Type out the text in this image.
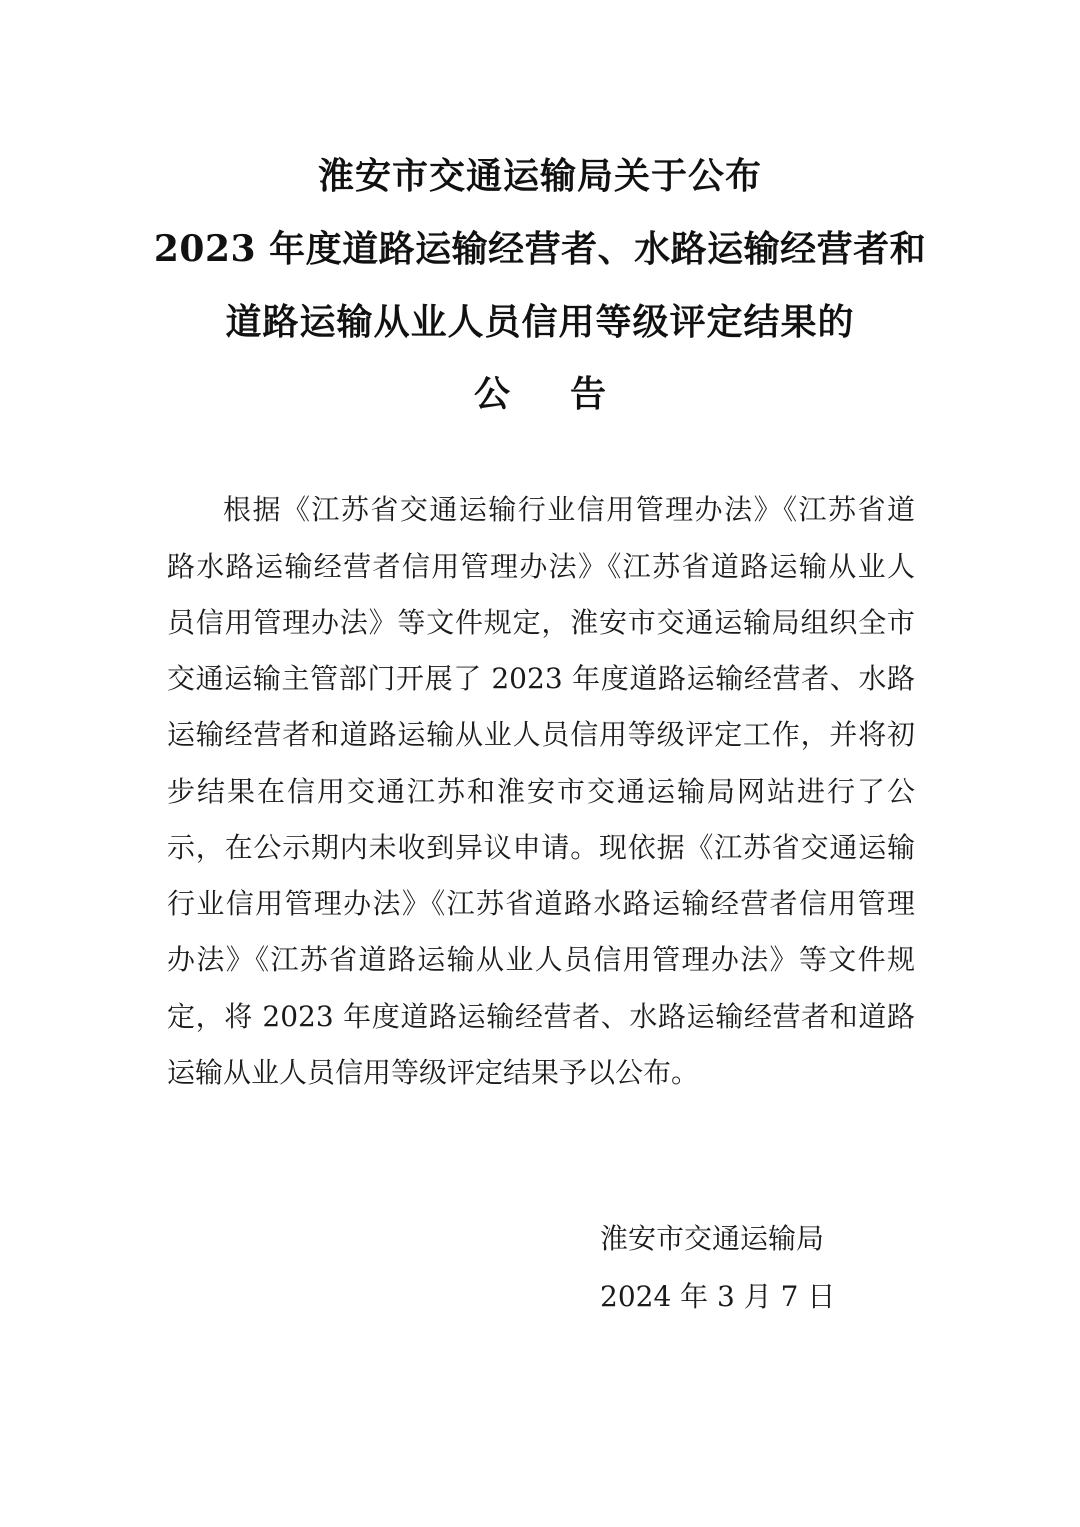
淮安市交通运输局关于公布
2023 年度道路运输经营者、水路运输经营者和
道路运输从业人员信用等级评定结果的
公告
根据《江苏省交通运输行业信用管理办法》《江苏省道
路水路运输经营者信用管理办法》《江苏省道路运输从业人
员信用管理办法》等文件规定，淮安市交通运输局组织全市
交通运输主管部门开展了 2023 年度道路运输经营者、水路
运输经营者和道路运输从业人员信用等级评定工作，并将初
步结果在信用交通江苏和淮安市交通运输局网站进行了公
示，在公示期内未收到异议申请。现依据《江苏省交通运输
行业信用管理办法》《江苏省道路水路运输经营者信用管理
办法》《江苏省道路运输从业人员信用管理办法》等文件规
定，将 2023 年度道路运输经营者、水路运输经营者和道路
运输从业人员信用等级评定结果予以公布。
淮安市交通运输局
2024 年 3 月 7 日
